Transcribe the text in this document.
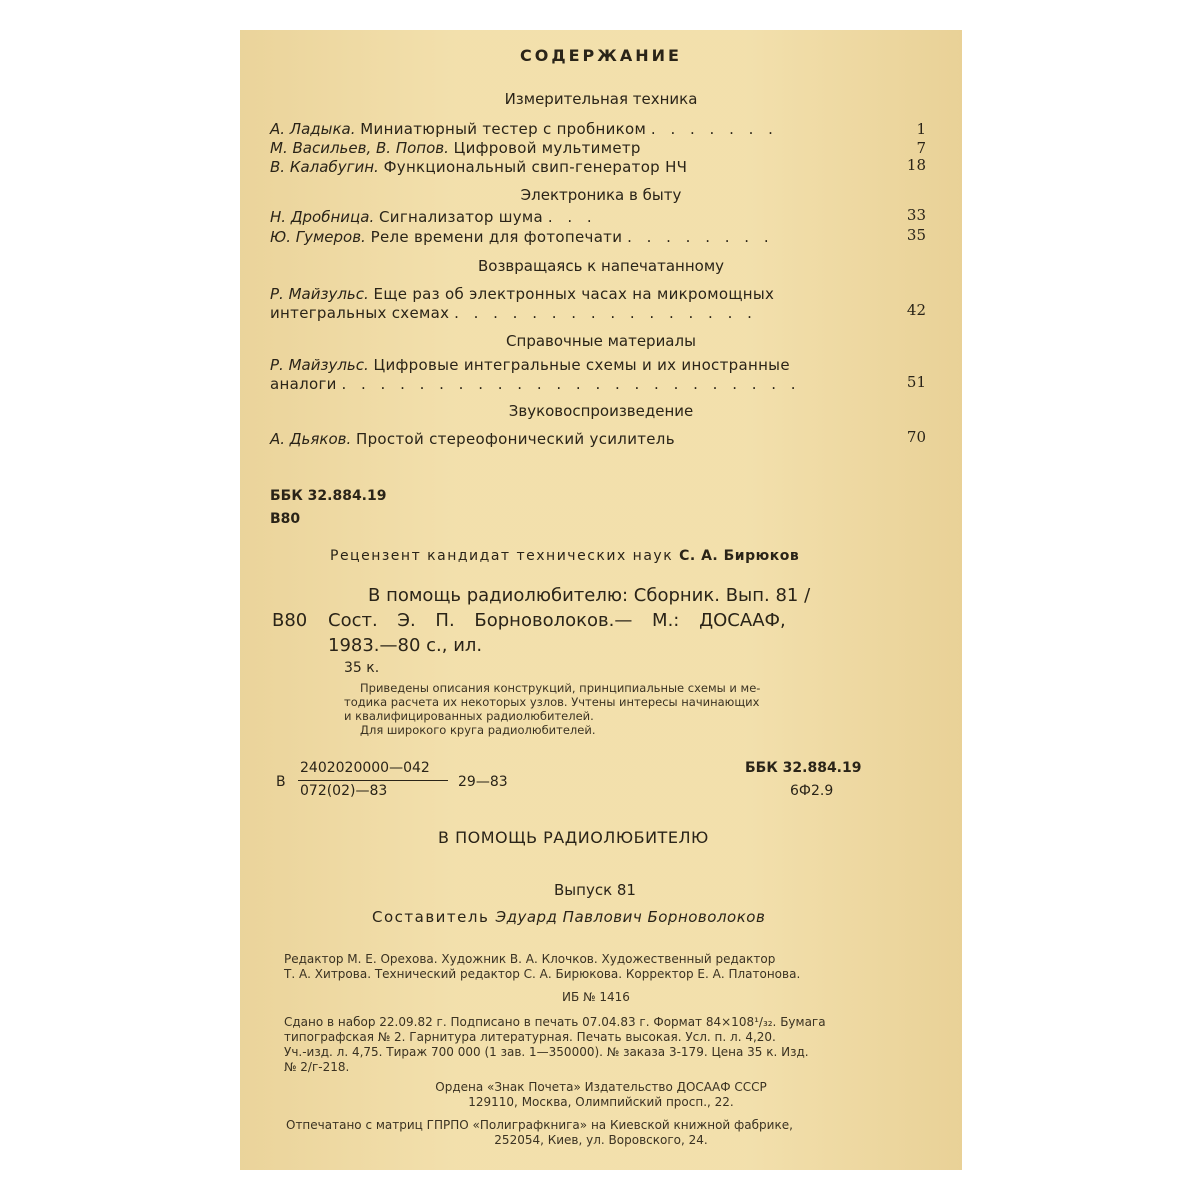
СОДЕРЖАНИЕ
Измерительная техника
А. Ладыка. Миниатюрный тестер с пробником . . . . . . .	1
М. Васильев, В. Попов. Цифровой мультиметр	7
В. Калабугин. Функциональный свип-генератор НЧ	18
Электроника в быту
Н. Дробница. Сигнализатор шума . . .	33
Ю. Гумеров. Реле времени для фотопечати . . . . . . . .	35
Возвращаясь к напечатанному
Р. Майзульс. Еще раз об электронных часах на микромощных
интегральных схемах . . . . . . . . . . . . . . . .	42
Справочные материалы
Р. Майзульс. Цифровые интегральные схемы и их иностранные
аналоги . . . . . . . . . . . . . . . . . . . . . . . .	51
Звуковоспроизведение
А. Дьяков. Простой стереофонический усилитель	70
ББК 32.884.19
В80
Рецензент кандидат технических наук С. А. Бирюков
В помощь радиолюбителю: Сборник. Вып. 81 /
В80 Сост. Э. П. Борноволоков.— М.: ДОСААФ,
1983.—80 с., ил.
35 к.
Приведены описания конструкций, принципиальные схемы и ме-
тодика расчета их некоторых узлов. Учтены интересы начинающих
и квалифицированных радиолюбителей.
Для широкого круга радиолюбителей.
В
2402020000—042
072(02)—83
29—83
ББК 32.884.19
6Ф2.9
В ПОМОЩЬ РАДИОЛЮБИТЕЛЮ
Выпуск 81
Составитель Эдуард Павлович Борноволоков
Редактор М. Е. Орехова. Художник В. А. Клочков. Художественный редактор
Т. А. Хитрова. Технический редактор С. А. Бирюкова. Корректор Е. А. Платонова.
ИБ № 1416
Сдано в набор 22.09.82 г. Подписано в печать 07.04.83 г. Формат 84×108¹/₃₂. Бумага
типографская № 2. Гарнитура литературная. Печать высокая. Усл. п. л. 4,20.
Уч.-изд. л. 4,75. Тираж 700 000 (1 зав. 1—350000). № заказа 3-179. Цена 35 к. Изд.
№ 2/г-218.
Ордена «Знак Почета» Издательство ДОСААФ СССР
129110, Москва, Олимпийский просп., 22.
Отпечатано с матриц ГПРПО «Полиграфкнига» на Киевской книжной фабрике,
252054, Киев, ул. Воровского, 24.
